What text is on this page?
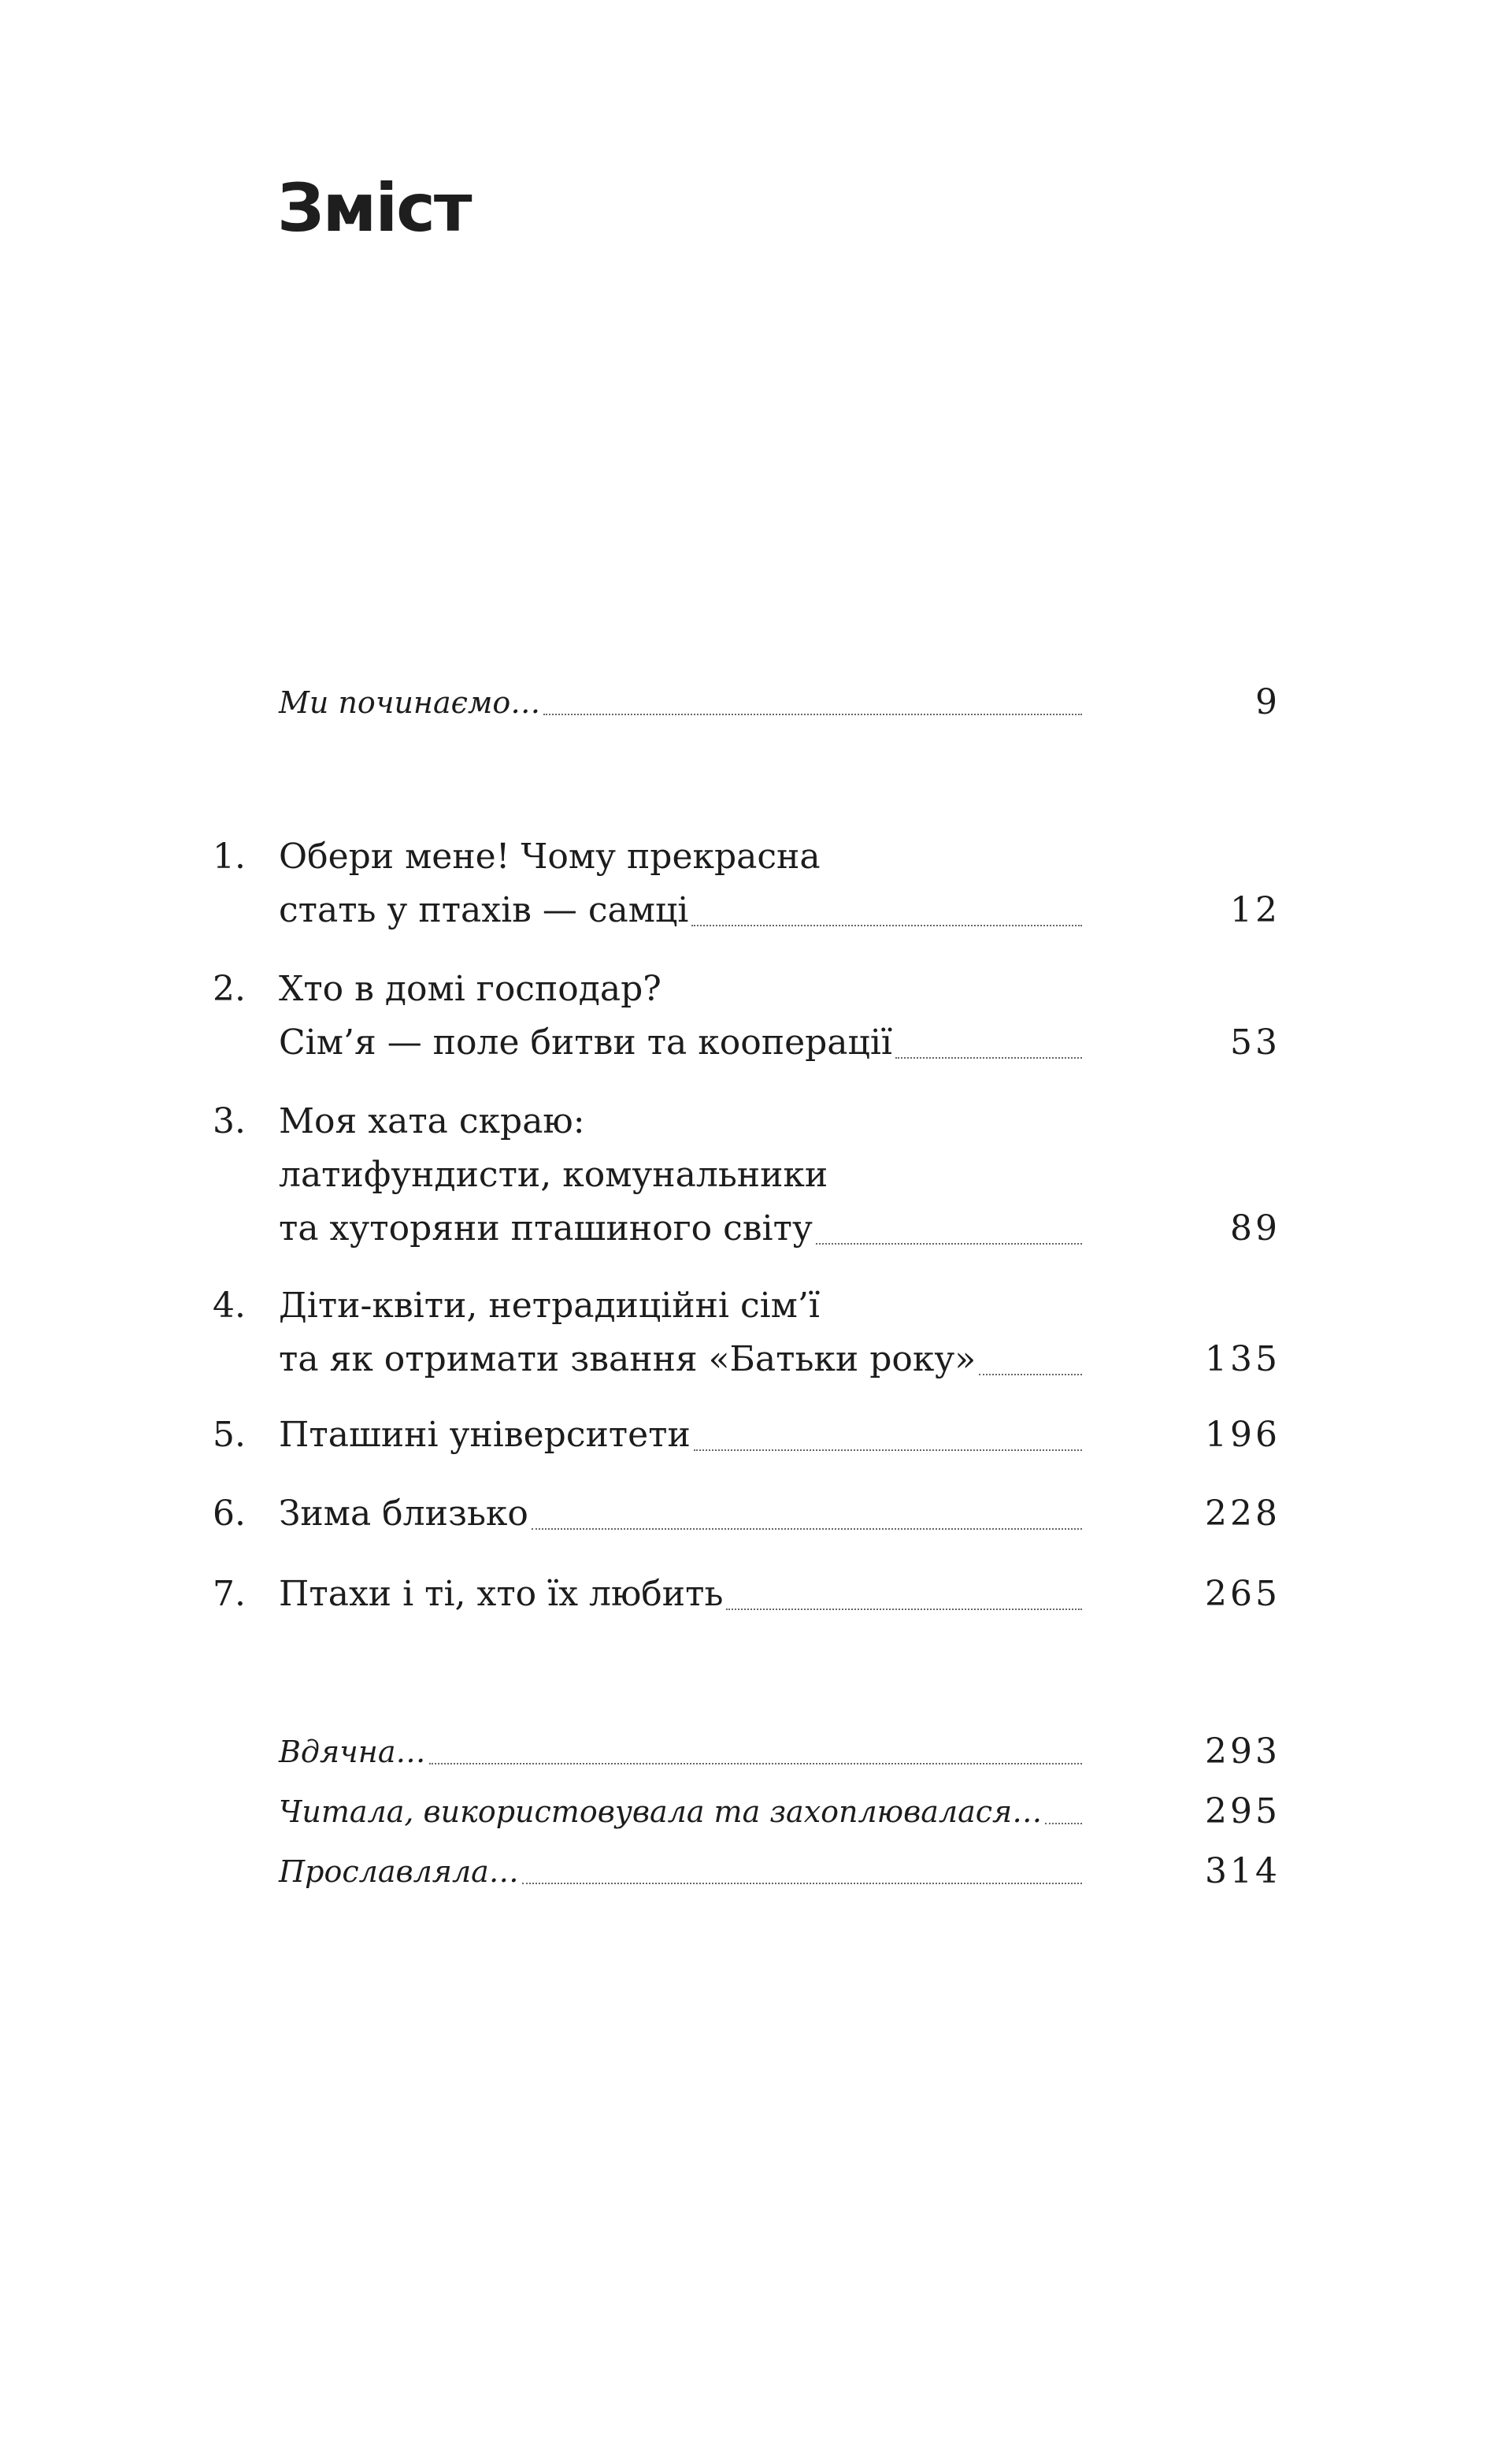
Зміст
Ми починаємо…	9
1. Обери мене! Чому прекрасна
стать у птахів — самці	12
2. Хто в домі господар?
Сім’я — поле битви та кооперації	53
3. Моя хата скраю:
латифундисти, комунальники
та хуторяни пташиного світу	89
4. Діти-квіти, нетрадиційні сім’ї
та як отримати звання «Батьки року»	135
5. Пташині університети	196
6. Зима близько	228
7. Птахи і ті, хто їх любить	265
Вдячна…	293
Читала, використовувала та захоплювалася…	295
Прославляла…	314
